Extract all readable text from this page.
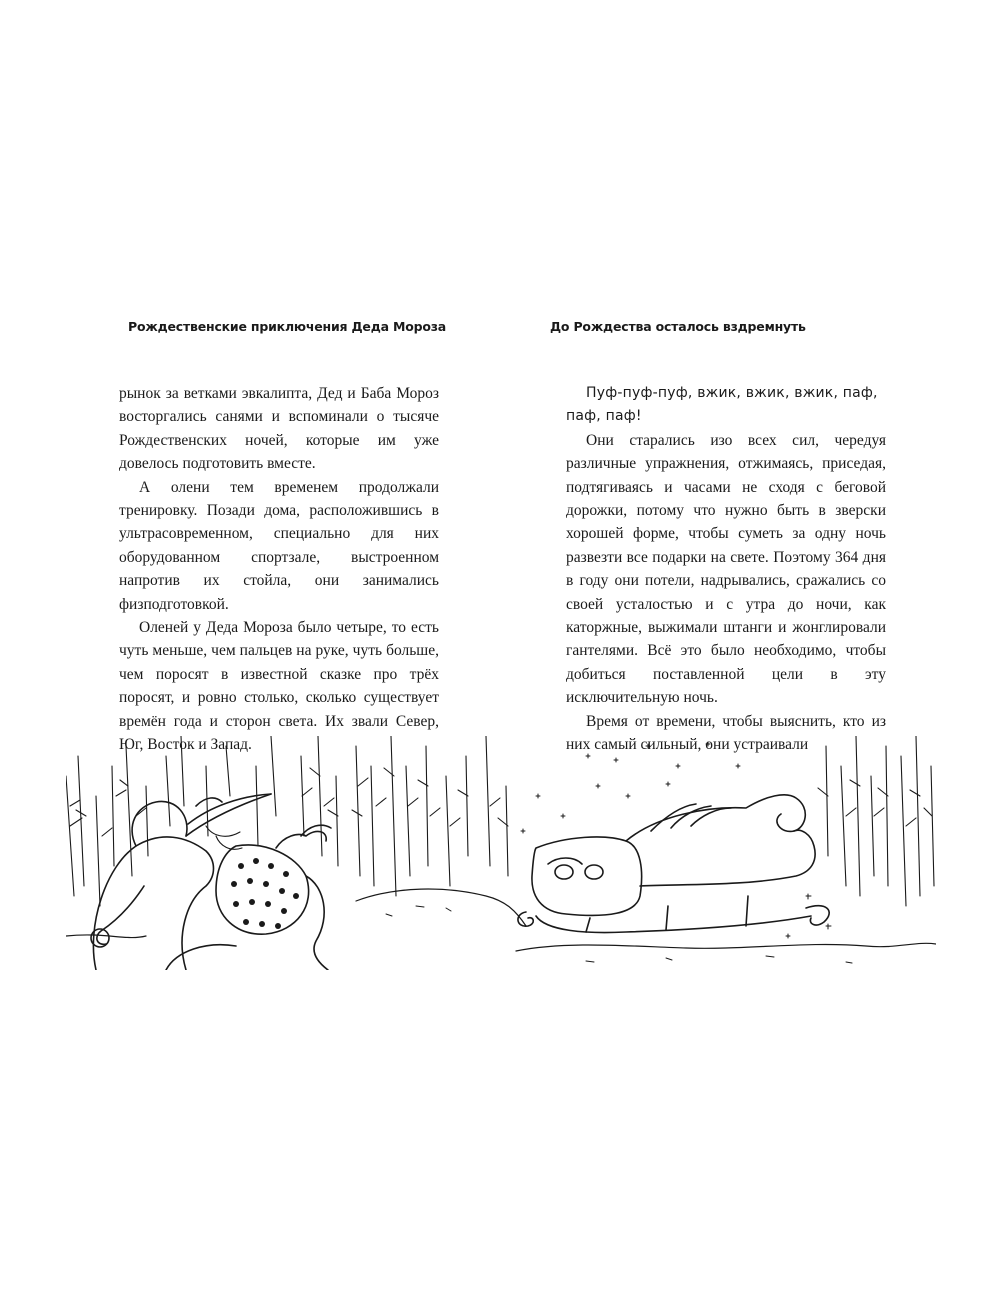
Рождественские приключения Деда Мороза	До Рождества осталось вздремнуть

рынок за ветками эвкалипта, Дед и Баба Мороз восторгались санями и вспоминали о тысяче Рождественских ночей, которые им уже довелось подготовить вместе.

А олени тем временем продолжали тренировку. Позади дома, расположившись в ультрасовременном, специально для них оборудованном спортзале, выстроенном напротив их стойла, они занимались физподготовкой.

Оленей у Деда Мороза было четыре, то есть чуть меньше, чем пальцев на руке, чуть больше, чем поросят в известной сказке про трёх поросят, и ровно столько, сколько существует времён года и сторон света. Их звали Север, Юг, Восток и Запад.

Пуф-пуф-пуф, вжик, вжик, вжик, паф, паф, паф!

Они старались изо всех сил, чередуя различные упражнения, отжимаясь, приседая, подтягиваясь и часами не сходя с беговой дорожки, потому что нужно быть в зверски хорошей форме, чтобы суметь за одну ночь развезти все подарки на свете. Поэтому 364 дня в году они потели, надрывались, сражались со своей усталостью и с утра до ночи, как каторжные, выжимали штанги и жонглировали гантелями. Всё это было необходимо, чтобы добиться поставленной цели в эту исключительную ночь.

Время от времени, чтобы выяснить, кто из них самый сильный, они устраивали
